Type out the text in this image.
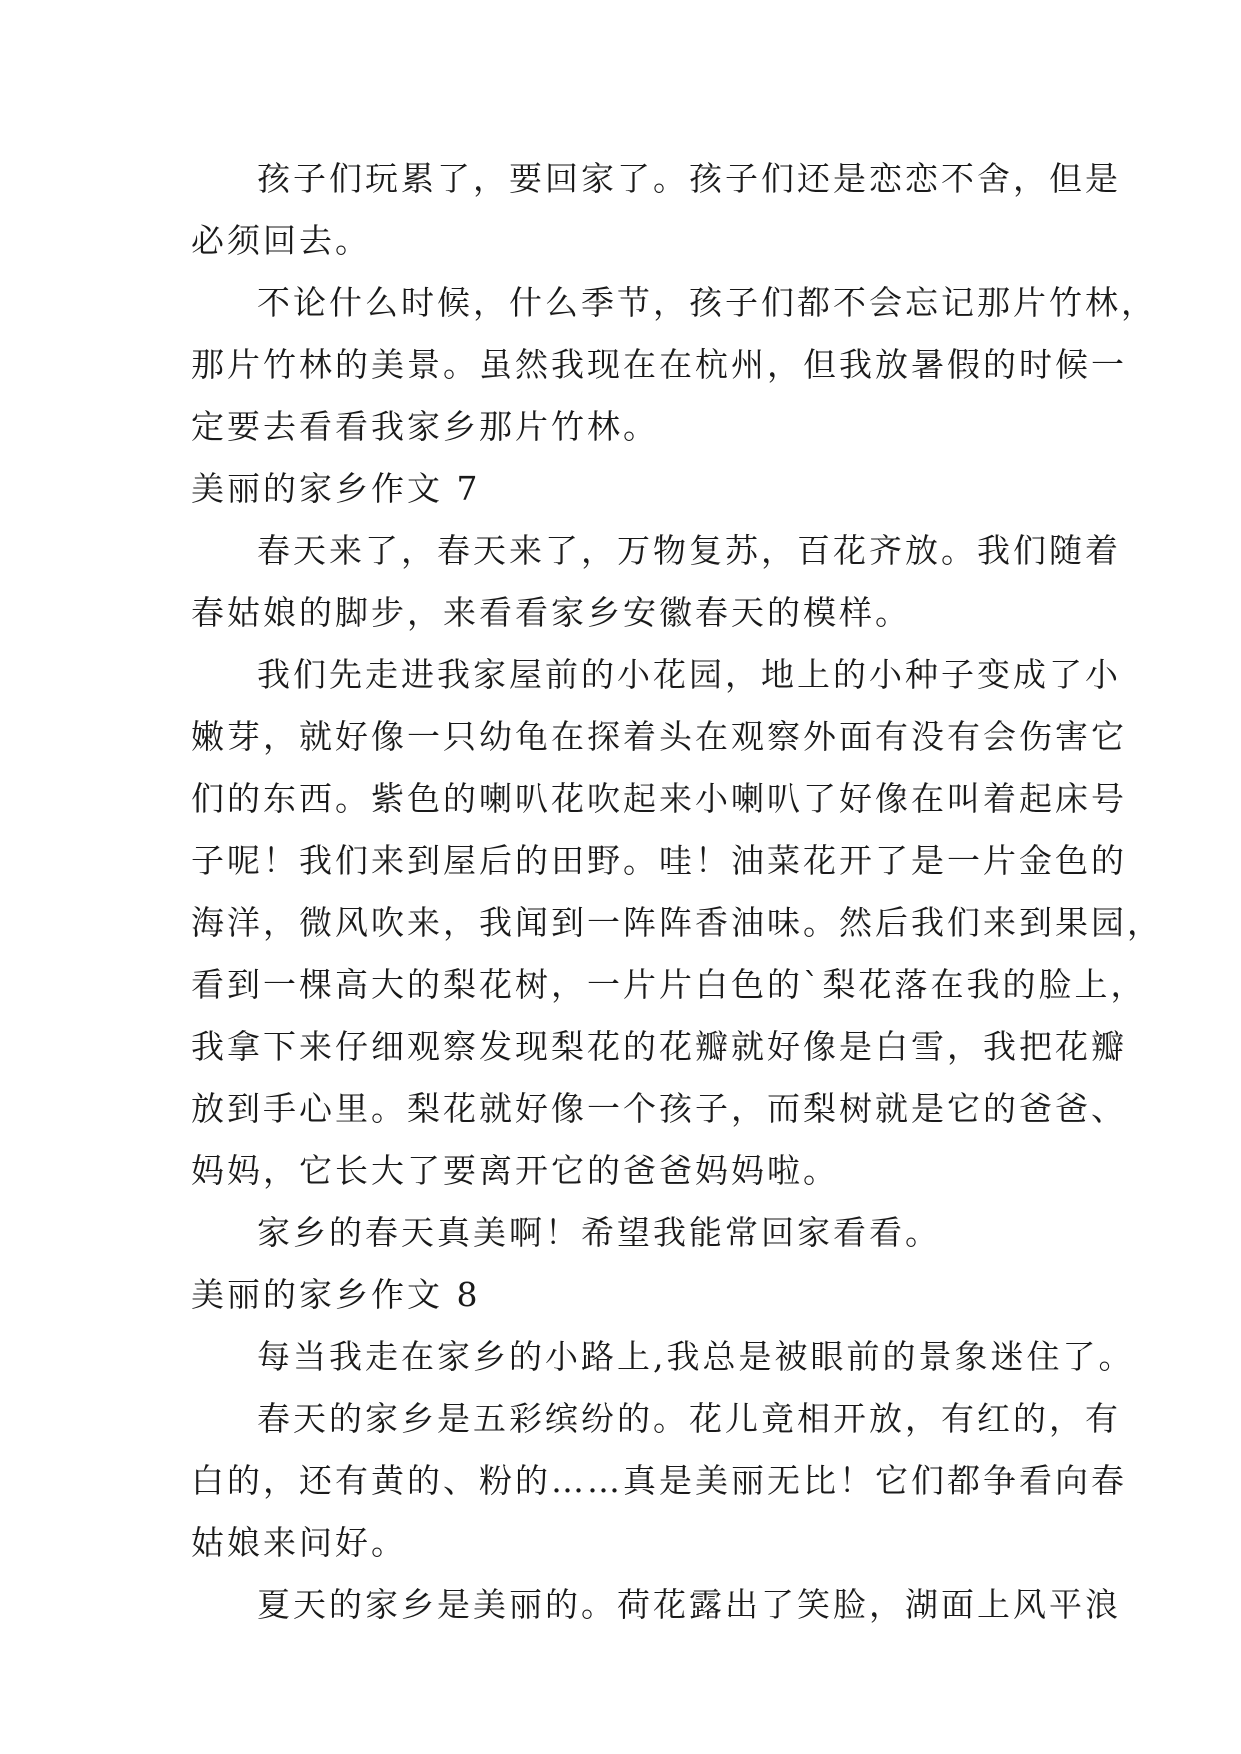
孩子们玩累了，要回家了。孩子们还是恋恋不舍，但是
必须回去。
不论什么时候，什么季节，孩子们都不会忘记那片竹林，
那片竹林的美景。虽然我现在在杭州，但我放暑假的时候一
定要去看看我家乡那片竹林。
美丽的家乡作文 7
春天来了，春天来了，万物复苏，百花齐放。我们随着
春姑娘的脚步，来看看家乡安徽春天的模样。
我们先走进我家屋前的小花园，地上的小种子变成了小
嫩芽，就好像一只幼龟在探着头在观察外面有没有会伤害它
们的东西。紫色的喇叭花吹起来小喇叭了好像在叫着起床号
子呢！我们来到屋后的田野。哇！油菜花开了是一片金色的
海洋，微风吹来，我闻到一阵阵香油味。然后我们来到果园，
看到一棵高大的梨花树，一片片白色的`梨花落在我的脸上，
我拿下来仔细观察发现梨花的花瓣就好像是白雪，我把花瓣
放到手心里。梨花就好像一个孩子，而梨树就是它的爸爸、
妈妈，它长大了要离开它的爸爸妈妈啦。
家乡的春天真美啊！希望我能常回家看看。
美丽的家乡作文 8
每当我走在家乡的小路上,我总是被眼前的景象迷住了。
春天的家乡是五彩缤纷的。花儿竟相开放，有红的，有
白的，还有黄的、粉的……真是美丽无比！它们都争看向春
姑娘来问好。
夏天的家乡是美丽的。荷花露出了笑脸，湖面上风平浪
